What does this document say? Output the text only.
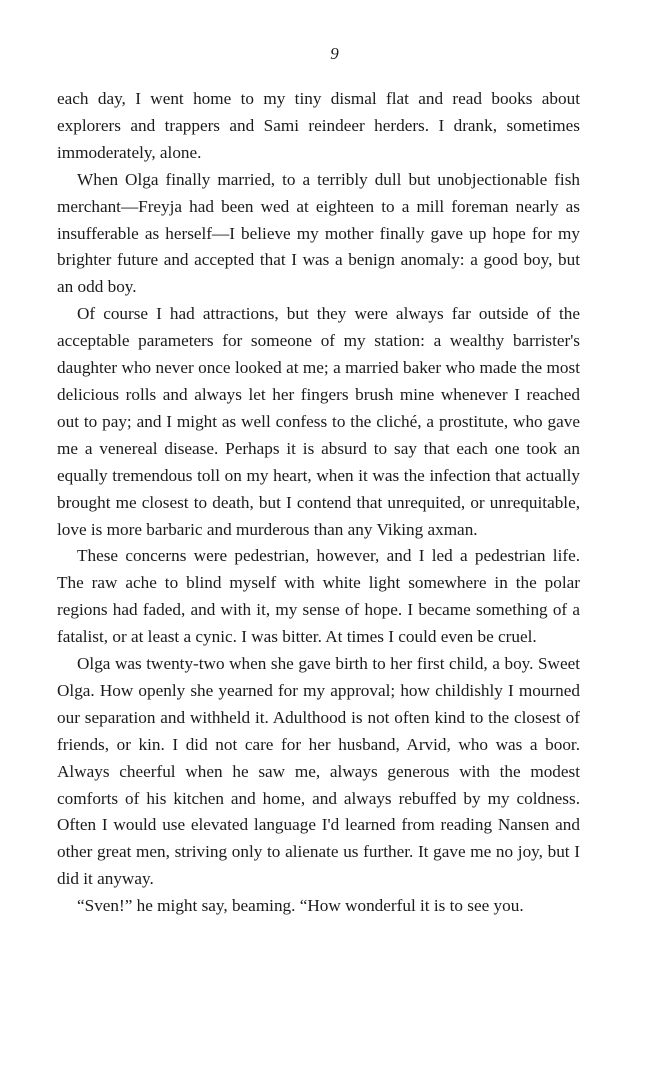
9

each day, I went home to my tiny dismal flat and read books about explorers and trappers and Sami reindeer herders. I drank, sometimes immoderately, alone.

When Olga finally married, to a terribly dull but unobjectionable fish merchant—Freyja had been wed at eighteen to a mill foreman nearly as insufferable as herself—I believe my mother finally gave up hope for my brighter future and accepted that I was a benign anomaly: a good boy, but an odd boy.

Of course I had attractions, but they were always far outside of the acceptable parameters for someone of my station: a wealthy barrister's daughter who never once looked at me; a married baker who made the most delicious rolls and always let her fingers brush mine whenever I reached out to pay; and I might as well confess to the cliché, a prostitute, who gave me a venereal disease. Perhaps it is absurd to say that each one took an equally tremendous toll on my heart, when it was the infection that actually brought me closest to death, but I contend that unrequited, or unrequitable, love is more barbaric and murderous than any Viking axman.

These concerns were pedestrian, however, and I led a pedestrian life. The raw ache to blind myself with white light somewhere in the polar regions had faded, and with it, my sense of hope. I became something of a fatalist, or at least a cynic. I was bitter. At times I could even be cruel.

Olga was twenty-two when she gave birth to her first child, a boy. Sweet Olga. How openly she yearned for my approval; how childishly I mourned our separation and withheld it. Adulthood is not often kind to the closest of friends, or kin. I did not care for her husband, Arvid, who was a boor. Always cheerful when he saw me, always generous with the modest comforts of his kitchen and home, and always rebuffed by my coldness. Often I would use elevated language I'd learned from reading Nansen and other great men, striving only to alienate us further. It gave me no joy, but I did it anyway.

“Sven!” he might say, beaming. “How wonderful it is to see you.
